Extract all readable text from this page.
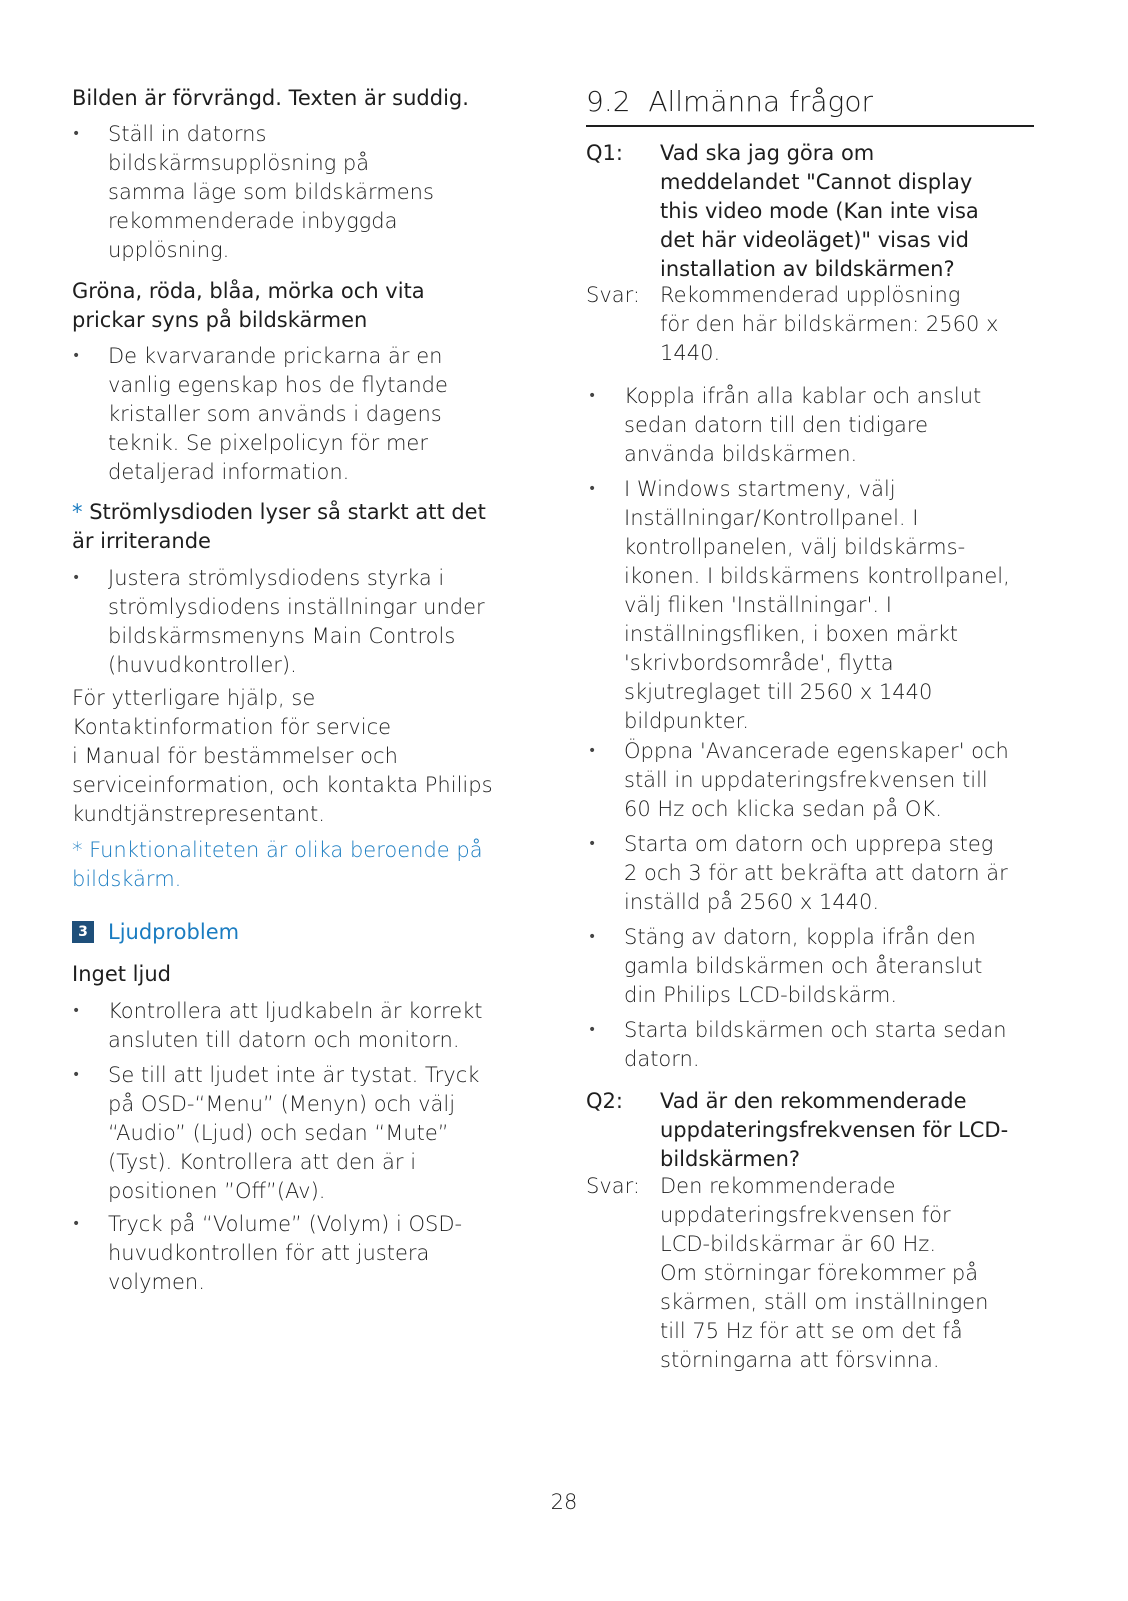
Bilden är förvrängd. Texten är suddig.
• Ställ in datorns
bildskärmsupplösning på
samma läge som bildskärmens
rekommenderade inbyggda
upplösning.
Gröna, röda, blåa, mörka och vita
prickar syns på bildskärmen
• De kvarvarande prickarna är en
vanlig egenskap hos de flytande
kristaller som används i dagens
teknik. Se pixelpolicyn för mer
detaljerad information.
* Strömlysdioden lyser så starkt att det
är irriterande
• Justera strömlysdiodens styrka i
strömlysdiodens inställningar under
bildskärmsmenyns Main Controls
(huvudkontroller).
För ytterligare hjälp, se
Kontaktinformation för service
i Manual för bestämmelser och
serviceinformation, och kontakta Philips
kundtjänstrepresentant.
* Funktionaliteten är olika beroende på
bildskärm.
3 Ljudproblem
Inget ljud
• Kontrollera att ljudkabeln är korrekt
ansluten till datorn och monitorn.
• Se till att ljudet inte är tystat. Tryck
på OSD-“Menu” (Menyn) och välj
“Audio” (Ljud) och sedan “Mute”
(Tyst). Kontrollera att den är i
positionen ”Off”(Av).
• Tryck på “Volume” (Volym) i OSD-
huvudkontrollen för att justera
volymen.
9.2  Allmänna frågor
Q1: Vad ska jag göra om
meddelandet "Cannot display
this video mode (Kan inte visa
det här videoläget)" visas vid
installation av bildskärmen?
Svar: Rekommenderad upplösning
för den här bildskärmen: 2560 x
1440.
• Koppla ifrån alla kablar och anslut
sedan datorn till den tidigare
använda bildskärmen.
• I Windows startmeny, välj
Inställningar/Kontrollpanel. I
kontrollpanelen, välj bildskärms-
ikonen. I bildskärmens kontrollpanel,
välj fliken 'Inställningar'. I
inställningsfliken, i boxen märkt
'skrivbordsområde', flytta
skjutreglaget till 2560 x 1440
bildpunkter.
• Öppna 'Avancerade egenskaper' och
ställ in uppdateringsfrekvensen till
60 Hz och klicka sedan på OK.
• Starta om datorn och upprepa steg
2 och 3 för att bekräfta att datorn är
inställd på 2560 x 1440.
• Stäng av datorn, koppla ifrån den
gamla bildskärmen och återanslut
din Philips LCD-bildskärm.
• Starta bildskärmen och starta sedan
datorn.
Q2: Vad är den rekommenderade
uppdateringsfrekvensen för LCD-
bildskärmen?
Svar: Den rekommenderade
uppdateringsfrekvensen för
LCD-bildskärmar är 60 Hz.
Om störningar förekommer på
skärmen, ställ om inställningen
till 75 Hz för att se om det få
störningarna att försvinna.
28
